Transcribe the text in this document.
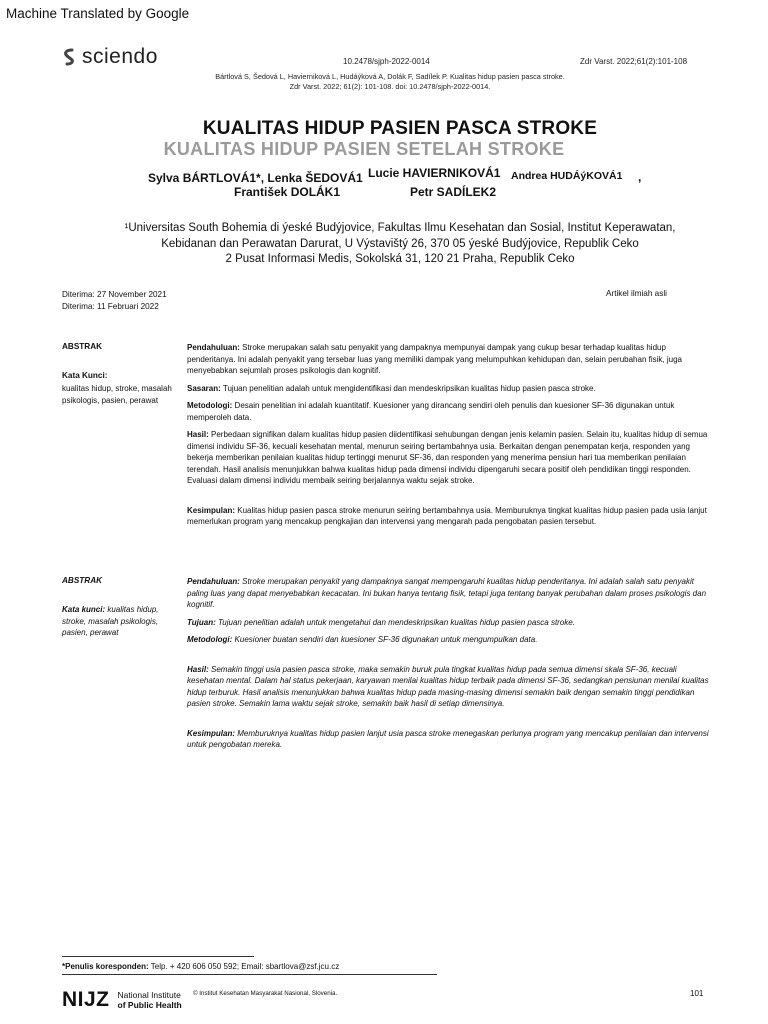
Machine Translated by Google
sciendo	10.2478/sjph-2022-0014	Zdr Varst. 2022;61(2):101-108
Bártlová S, Šedová L, Havierniková L, Hudáýková A, Dolák F, Sadílek P. Kualitas hidup pasien pasca stroke.
Zdr Varst. 2022; 61(2): 101-108. doi: 10.2478/sjph-2022-0014.
KUALITAS HIDUP PASIEN PASCA STROKE
KUALITAS HIDUP PASIEN SETELAH STROKE
Sylva BÁRTLOVÁ1*, Lenka ŠEDOVÁ1 Lucie HAVIERNIKOVÁ1 Andrea HUDÁýKOVÁ1 ,
František DOLÁK1	Petr SADÍLEK2
¹Universitas South Bohemia di ýeské Budýjovice, Fakultas Ilmu Kesehatan dan Sosial, Institut Keperawatan,
Kebidanan dan Perawatan Darurat, U Výstavištý 26, 370 05 ýeské Budýjovice, Republik Ceko
2 Pusat Informasi Medis, Sokolská 31, 120 21 Praha, Republik Ceko
Diterima: 27 November 2021
Diterima: 11 Februari 2022
Artikel ilmiah asli
ABSTRAK
Kata Kunci:
kualitas hidup, stroke, masalah psikologis, pasien, perawat

Pendahuluan: Stroke merupakan salah satu penyakit yang dampaknya mempunyai dampak yang cukup besar terhadap kualitas hidup penderitanya. Ini adalah penyakit yang tersebar luas yang memiliki dampak yang melumpuhkan kehidupan dan, selain perubahan fisik, juga menyebabkan sejumlah proses psikologis dan kognitif.

Sasaran: Tujuan penelitian adalah untuk mengidentifikasi dan mendeskripsikan kualitas hidup pasien pasca stroke.

Metodologi: Desain penelitian ini adalah kuantitatif. Kuesioner yang dirancang sendiri oleh penulis dan kuesioner SF-36 digunakan untuk memperoleh data.

Hasil: Perbedaan signifikan dalam kualitas hidup pasien diidentifikasi sehubungan dengan jenis kelamin pasien. Selain itu, kualitas hidup di semua dimensi individu SF-36, kecuali kesehatan mental, menurun seiring bertambahnya usia. Berkaitan dengan penempatan kerja, responden yang bekerja memberikan penilaian kualitas hidup tertinggi menurut SF-36, dan responden yang menerima pensiun hari tua memberikan penilaian terendah. Hasil analisis menunjukkan bahwa kualitas hidup pada dimensi individu dipengaruhi secara positif oleh pendidikan tinggi responden. Evaluasi dalam dimensi individu membaik seiring berjalannya waktu sejak stroke.

Kesimpulan: Kualitas hidup pasien pasca stroke menurun seiring bertambahnya usia. Memburuknya tingkat kualitas hidup pasien pada usia lanjut memerlukan program yang mencakup pengkajian dan intervensi yang mengarah pada pengobatan pasien tersebut.

ABSTRAK
Kata kunci: kualitas hidup, stroke, masalah psikologis, pasien, perawat

Pendahuluan: Stroke merupakan penyakit yang dampaknya sangat mempengaruhi kualitas hidup penderitanya. Ini adalah salah satu penyakit paling luas yang dapat menyebabkan kecacatan. Ini bukan hanya tentang fisik, tetapi juga tentang banyak perubahan dalam proses psikologis dan kognitif.

Tujuan: Tujuan penelitian adalah untuk mengetahui dan mendeskripsikan kualitas hidup pasien pasca stroke.

Metodologi: Kuesioner buatan sendiri dan kuesioner SF-36 digunakan untuk mengumpulkan data.

Hasil: Semakin tinggi usia pasien pasca stroke, maka semakin buruk pula tingkat kualitas hidup pada semua dimensi skala SF-36, kecuali kesehatan mental. Dalam hal status pekerjaan, karyawan menilai kualitas hidup terbaik pada dimensi SF-36, sedangkan pensiunan menilai kualitas hidup terburuk. Hasil analisis menunjukkan bahwa kualitas hidup pada masing-masing dimensi semakin baik dengan semakin tinggi pendidikan pasien stroke. Semakin lama waktu sejak stroke, semakin baik hasil di setiap dimensinya.

Kesimpulan: Memburuknya kualitas hidup pasien lanjut usia pasca stroke menegaskan perlunya program yang mencakup penilaian dan intervensi untuk pengobatan mereka.

*Penulis koresponden: Telp. + 420 606 050 592; Email: sbartlova@zsf.jcu.cz
NIJZ National Institute
of Public Health
© Institut Kesehatan Masyarakat Nasional, Slovenia.	101
